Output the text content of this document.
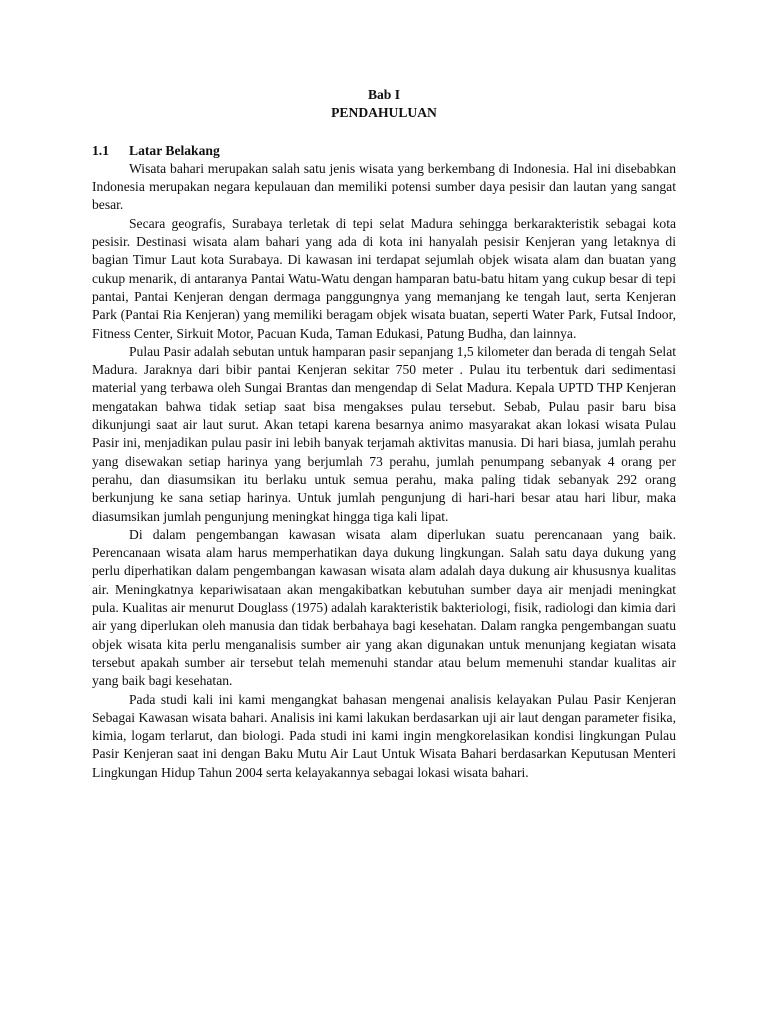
Bab I

PENDAHULUAN

1.1 Latar Belakang

Wisata bahari merupakan salah satu jenis wisata yang berkembang di Indonesia. Hal ini disebabkan Indonesia merupakan negara kepulauan dan memiliki potensi sumber daya pesisir dan lautan yang sangat besar.

Secara geografis, Surabaya terletak di tepi selat Madura sehingga berkarakteristik sebagai kota pesisir. Destinasi wisata alam bahari yang ada di kota ini hanyalah pesisir Kenjeran yang letaknya di bagian Timur Laut kota Surabaya. Di kawasan ini terdapat sejumlah objek wisata alam dan buatan yang cukup menarik, di antaranya Pantai Watu-Watu dengan hamparan batu-batu hitam yang cukup besar di tepi pantai, Pantai Kenjeran dengan dermaga panggungnya yang memanjang ke tengah laut, serta Kenjeran Park (Pantai Ria Kenjeran) yang memiliki beragam objek wisata buatan, seperti Water Park, Futsal Indoor, Fitness Center, Sirkuit Motor, Pacuan Kuda, Taman Edukasi, Patung Budha, dan lainnya.

Pulau Pasir adalah sebutan untuk hamparan pasir sepanjang 1,5 kilometer dan berada di tengah Selat Madura. Jaraknya dari bibir pantai Kenjeran sekitar 750 meter . Pulau itu terbentuk dari sedimentasi material yang terbawa oleh Sungai Brantas dan mengendap di Selat Madura. Kepala UPTD THP Kenjeran mengatakan bahwa tidak setiap saat bisa mengakses pulau tersebut. Sebab, Pulau pasir baru bisa dikunjungi saat air laut surut. Akan tetapi karena besarnya animo masyarakat akan lokasi wisata Pulau Pasir ini, menjadikan pulau pasir ini lebih banyak terjamah aktivitas manusia. Di hari biasa, jumlah perahu yang disewakan setiap harinya yang berjumlah 73 perahu, jumlah penumpang sebanyak 4 orang per perahu, dan diasumsikan itu berlaku untuk semua perahu, maka paling tidak sebanyak 292 orang berkunjung ke sana setiap harinya. Untuk jumlah pengunjung di hari-hari besar atau hari libur, maka diasumsikan jumlah pengunjung meningkat hingga tiga kali lipat.

Di dalam pengembangan kawasan wisata alam diperlukan suatu perencanaan yang baik. Perencanaan wisata alam harus memperhatikan daya dukung lingkungan. Salah satu daya dukung yang perlu diperhatikan dalam pengembangan kawasan wisata alam adalah daya dukung air khususnya kualitas air. Meningkatnya kepariwisataan akan mengakibatkan kebutuhan sumber daya air menjadi meningkat pula. Kualitas air menurut Douglass (1975) adalah karakteristik bakteriologi, fisik, radiologi dan kimia dari air yang diperlukan oleh manusia dan tidak berbahaya bagi kesehatan. Dalam rangka pengembangan suatu objek wisata kita perlu menganalisis sumber air yang akan digunakan untuk menunjang kegiatan wisata tersebut apakah sumber air tersebut telah memenuhi standar atau belum memenuhi standar kualitas air yang baik bagi kesehatan.

Pada studi kali ini kami mengangkat bahasan mengenai analisis kelayakan Pulau Pasir Kenjeran Sebagai Kawasan wisata bahari. Analisis ini kami lakukan berdasarkan uji air laut dengan parameter fisika, kimia, logam terlarut, dan biologi. Pada studi ini kami ingin mengkorelasikan kondisi lingkungan Pulau Pasir Kenjeran saat ini dengan Baku Mutu Air Laut Untuk Wisata Bahari berdasarkan Keputusan Menteri Lingkungan Hidup Tahun 2004 serta kelayakannya sebagai lokasi wisata bahari.
